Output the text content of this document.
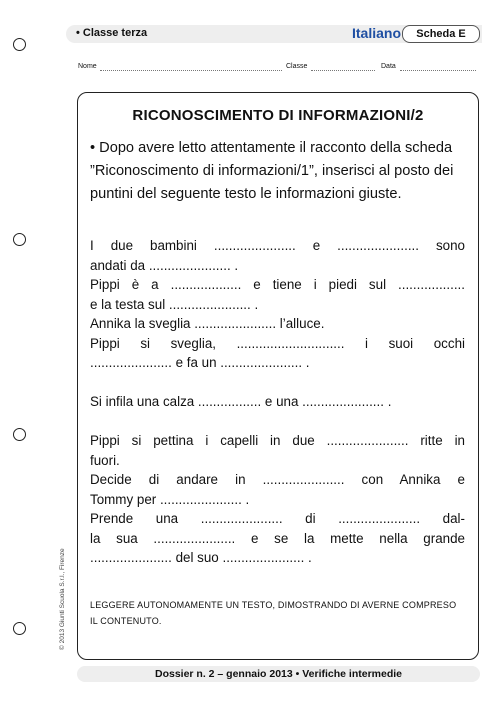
• Classe terza	Italiano	Scheda E
Nome	Classe	Data
RICONOSCIMENTO DI INFORMAZIONI/2
• Dopo avere letto attentamente il racconto della scheda ”Riconoscimento di informazioni/1”, inserisci al posto dei puntini del seguente testo le informazioni giuste.

I due bambini ...................... e ...................... sono

andati da ...................... .

Pippi è a ................... e tiene i piedi sul ..................

e la testa sul ...................... .

Annika la sveglia ...................... l’alluce.

Pippi si sveglia, ............................. i suoi occhi

...................... e fa un ...................... .

Si infila una calza ................. e una ...................... .

Pippi si pettina i capelli in due ...................... ritte in

fuori.

Decide di andare in ...................... con Annika e

Tommy per ...................... .

Prende una ...................... di ...................... dal-

la sua ...................... e se la mette nella grande

...................... del suo ...................... .

LEGGERE AUTONOMAMENTE UN TESTO, DIMOSTRANDO DI AVERNE COMPRESO IL CONTENUTO.
Dossier n. 2 – gennaio 2013 • Verifiche intermedie
© 2013 Giunti Scuola S.r.l., Firenze
